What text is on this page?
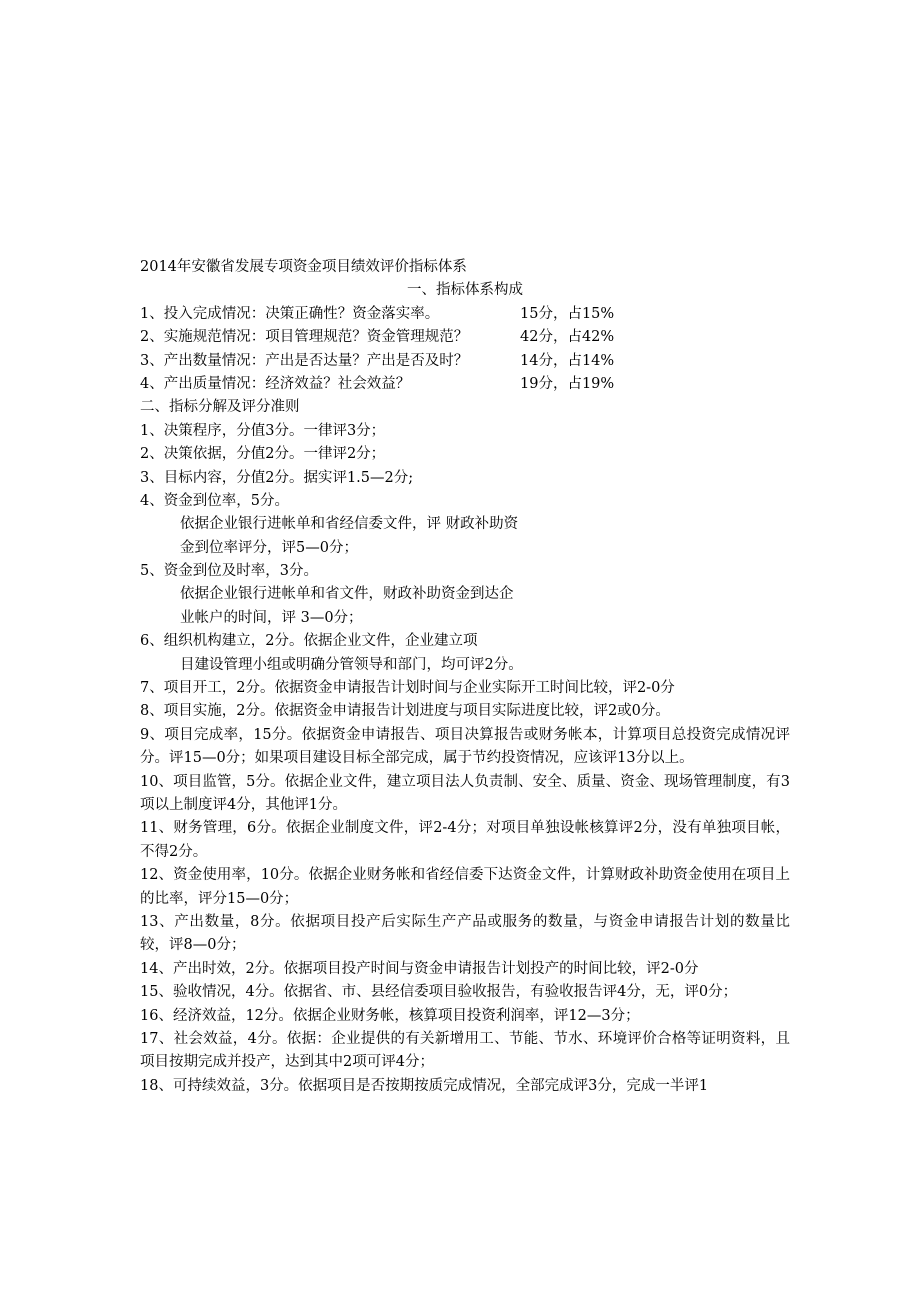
2014年安徽省发展专项资金项目绩效评价指标体系
一、指标体系构成
1、投入完成情况：决策正确性？资金落实率。	15分，占15%
2、实施规范情况：项目管理规范？资金管理规范？	42分，占42%
3、产出数量情况：产出是否达量？产出是否及时？	14分，占14%
4、产出质量情况：经济效益？社会效益？	19分，占19%
二、指标分解及评分准则
1、决策程序，分值3分。一律评3分；
2、决策依据，分值2分。一律评2分；
3、目标内容，分值2分。据实评1.5—2分;
4、资金到位率，5分。
依据企业银行进帐单和省经信委文件，评 财政补助资
金到位率评分，评5—0分；
5、资金到位及时率，3分。
依据企业银行进帐单和省文件，财政补助资金到达企
业帐户的时间，评 3—0分；
6、组织机构建立，2分。依据企业文件，企业建立项
目建设管理小组或明确分管领导和部门，均可评2分。
7、项目开工，2分。依据资金申请报告计划时间与企业实际开工时间比较，评2-0分
8、项目实施，2分。依据资金申请报告计划进度与项目实际进度比较，评2或0分。
9、项目完成率，15分。依据资金申请报告、项目决算报告或财务帐本，计算项目总投资完成情况评分。评15—0分；如果项目建设目标全部完成，属于节约投资情况，应该评13分以上。
10、项目监管，5分。依据企业文件，建立项目法人负责制、安全、质量、资金、现场管理制度，有3项以上制度评4分，其他评1分。
11、财务管理，6分。依据企业制度文件，评2-4分；对项目单独设帐核算评2分，没有单独项目帐，不得2分。
12、资金使用率，10分。依据企业财务帐和省经信委下达资金文件，计算财政补助资金使用在项目上的比率，评分15—0分；
13、产出数量，8分。依据项目投产后实际生产产品或服务的数量，与资金申请报告计划的数量比较，评8—0分；
14、产出时效，2分。依据项目投产时间与资金申请报告计划投产的时间比较，评2-0分
15、验收情况，4分。依据省、市、县经信委项目验收报告，有验收报告评4分，无，评0分；
16、经济效益，12分。依据企业财务帐，核算项目投资利润率，评12—3分；
17、社会效益，4分。依据：企业提供的有关新增用工、节能、节水、环境评价合格等证明资料，且项目按期完成并投产，达到其中2项可评4分；
18、可持续效益，3分。依据项目是否按期按质完成情况，全部完成评3分，完成一半评1
